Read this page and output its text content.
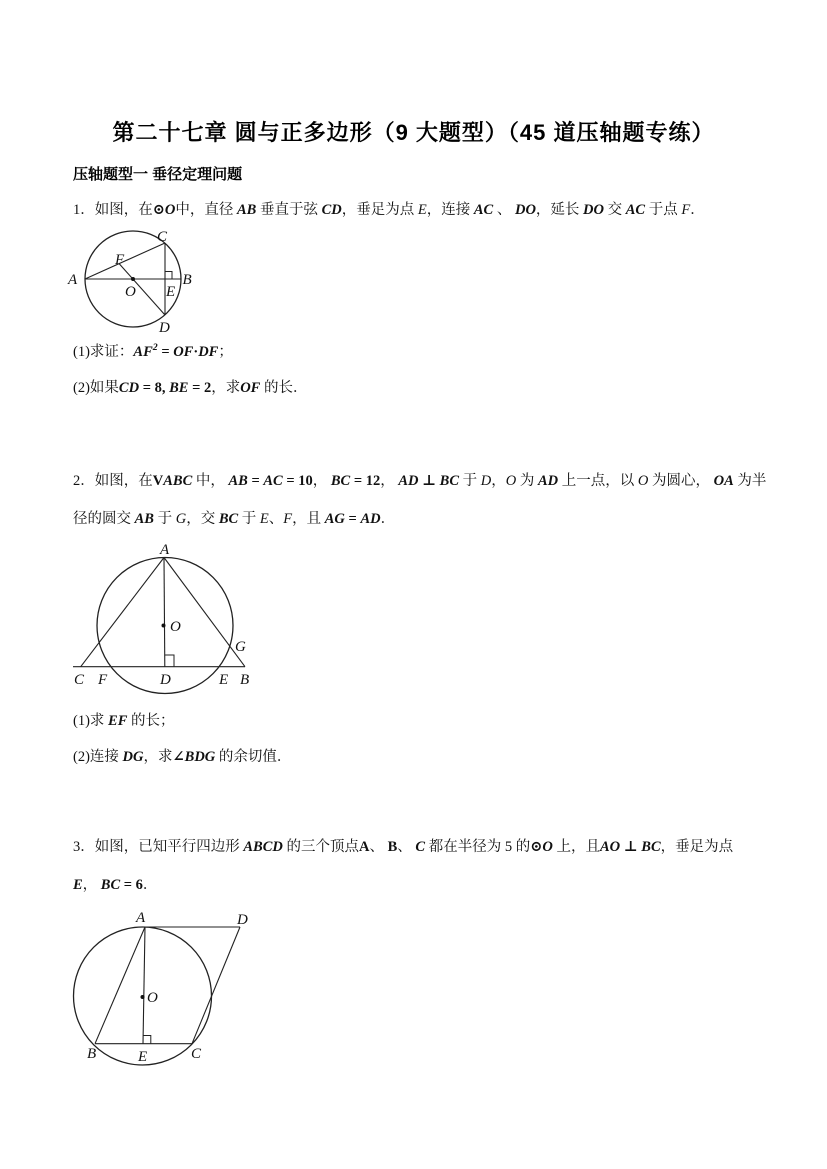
第二十七章 圆与正多边形（9 大题型）（45 道压轴题专练）
压轴题型一 垂径定理问题
1．如图，在⊙O中，直径 AB 垂直于弦 CD，垂足为点 E，连接 AC 、 DO，延长 DO 交 AC 于点 F．
A	B
C
D
E
F
O
(1)求证：$AF^2 = OF\cdot DF$；
(2)如果CD = 8, BE = 2，求OF 的长．
2．如图，在VABC 中， AB = AC = 10， BC = 12， AD ⊥ BC 于 D，O 为 AD 上一点，以 O 为圆心， OA 为半
径的圆交 AB 于 G，交 BC 于 E、F，且 AG = AD．
A
O
G
C F	D	E B
(1)求 EF 的长；
(2)连接 DG，求∠BDG 的余切值．
3．如图，已知平行四边形 ABCD 的三个顶点A、 B、 C 都在半径为 5 的⊙O 上，且AO ⊥ BC，垂足为点
E， BC = 6．
A	D
O
B	E	C
